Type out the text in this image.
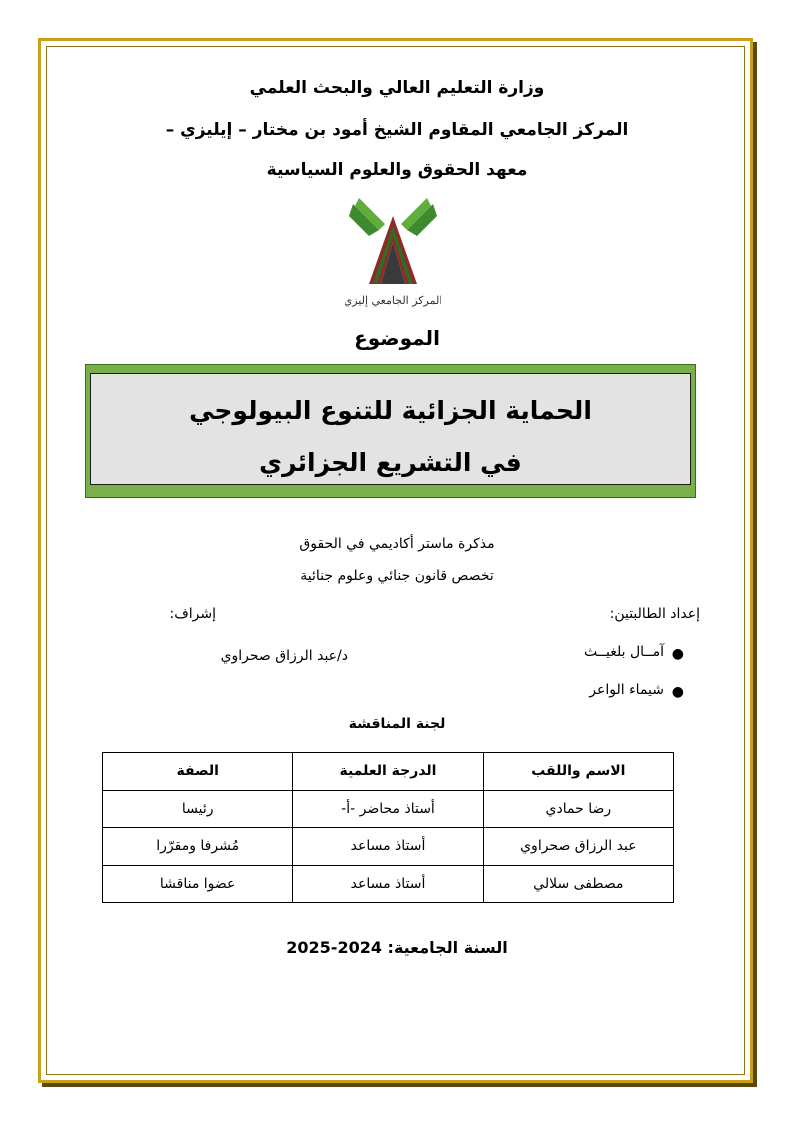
وزارة التعليم العالي والبحث العلمي
المركز الجامعي المقاوم الشيخ أمود بن مختار – إيليزي –
معهد الحقوق والعلوم السياسية
المركز الجامعي إليزي
الموضوع
الحماية الجزائية للتنوع البيولوجي
في التشريع الجزائري
مذكرة ماستر أكاديمي في الحقوق
تخصص قانون جنائي وعلوم جنائية
إعداد الطالبتين:
إشراف:
●
آمــال بلغيــث
د/عبد الرزاق صحراوي
●
شيماء الواعر
لجنة المناقشة
الاسم واللقب	الدرجة العلمية	الصفة
رضا حمادي	أستاذ محاضر -أ-	رئيسا
عبد الرزاق صحراوي	أستاذ مساعد	مُشرفا ومقرّرا
مصطفى سلالي	أستاذ مساعد	عضوا مناقشا
السنة الجامعية: 2024-2025
